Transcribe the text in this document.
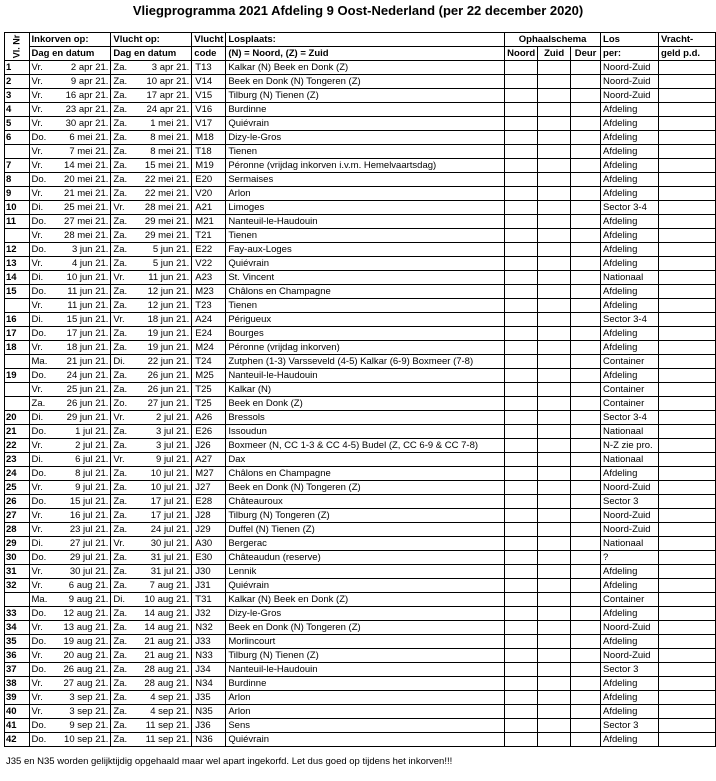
Vliegprogramma 2021 Afdeling 9 Oost-Nederland (per 22 december 2020)
Vl. Nr	Inkorven op:		Vlucht op:		Vlucht	Losplaats:	Ophaalschema			Los	Vracht-
	Dag en datum		Dag en datum		code	(N) = Noord, (Z) = Zuid	Noord	Zuid	Deur	per:	geld p.d.
1	Vr.	2 apr 21.	Za.	3 apr 21.	T13	Kalkar (N) Beek en Donk (Z)				Noord-Zuid	
2	Vr.	9 apr 21.	Za.	10 apr 21.	V14	Beek en Donk (N) Tongeren (Z)				Noord-Zuid	
3	Vr.	16 apr 21.	Za.	17 apr 21.	V15	Tilburg (N) Tienen (Z)				Noord-Zuid	
4	Vr.	23 apr 21.	Za.	24 apr 21.	V16	Burdinne				Afdeling	
5	Vr.	30 apr 21.	Za.	1 mei 21.	V17	Quiévrain				Afdeling	
6	Do.	6 mei 21.	Za.	8 mei 21.	M18	Dizy-le-Gros				Afdeling	
	Vr.	7 mei 21.	Za.	8 mei 21.	T18	Tienen				Afdeling	
7	Vr.	14 mei 21.	Za.	15 mei 21.	M19	Péronne (vrijdag inkorven i.v.m. Hemelvaartsdag)				Afdeling	
8	Do.	20 mei 21.	Za.	22 mei 21.	E20	Sermaises				Afdeling	
9	Vr.	21 mei 21.	Za.	22 mei 21.	V20	Arlon				Afdeling	
10	Di.	25 mei 21.	Vr.	28 mei 21.	A21	Limoges				Sector 3-4	
11	Do.	27 mei 21.	Za.	29 mei 21.	M21	Nanteuil-le-Haudouin				Afdeling	
	Vr.	28 mei 21.	Za.	29 mei 21.	T21	Tienen				Afdeling	
12	Do.	3 jun 21.	Za.	5 jun 21.	E22	Fay-aux-Loges				Afdeling	
13	Vr.	4 jun 21.	Za.	5 jun 21.	V22	Quiévrain				Afdeling	
14	Di.	10 jun 21.	Vr.	11 jun 21.	A23	St. Vincent				Nationaal	
15	Do.	11 jun 21.	Za.	12 jun 21.	M23	Châlons en Champagne				Afdeling	
	Vr.	11 jun 21.	Za.	12 jun 21.	T23	Tienen				Afdeling	
16	Di.	15 jun 21.	Vr.	18 jun 21.	A24	Périgueux				Sector 3-4	
17	Do.	17 jun 21.	Za.	19 jun 21.	E24	Bourges				Afdeling	
18	Vr.	18 jun 21.	Za.	19 jun 21.	M24	Péronne (vrijdag inkorven)				Afdeling	
	Ma.	21 jun 21.	Di.	22 jun 21.	T24	Zutphen (1-3) Varsseveld (4-5) Kalkar (6-9) Boxmeer (7-8)				Container	
19	Do.	24 jun 21.	Za.	26 jun 21.	M25	Nanteuil-le-Haudouin				Afdeling	
	Vr.	25 jun 21.	Za.	26 jun 21.	T25	Kalkar (N)				Container	
	Za.	26 jun 21.	Zo.	27 jun 21.	T25	Beek en Donk (Z)				Container	
20	Di.	29 jun 21.	Vr.	2 jul 21.	A26	Bressols				Sector 3-4	
21	Do.	1 jul 21.	Za.	3 jul 21.	E26	Issoudun				Nationaal	
22	Vr.	2 jul 21.	Za.	3 jul 21.	J26	Boxmeer (N, CC 1-3 & CC 4-5) Budel (Z, CC 6-9 & CC 7-8)				N-Z zie pro.	
23	Di.	6 jul 21.	Vr.	9 jul 21.	A27	Dax				Nationaal	
24	Do.	8 jul 21.	Za.	10 jul 21.	M27	Châlons en Champagne				Afdeling	
25	Vr.	9 jul 21.	Za.	10 jul 21.	J27	Beek en Donk (N) Tongeren (Z)				Noord-Zuid	
26	Do.	15 jul 21.	Za.	17 jul 21.	E28	Châteauroux				Sector 3	
27	Vr.	16 jul 21.	Za.	17 jul 21.	J28	Tilburg (N) Tongeren (Z)				Noord-Zuid	
28	Vr.	23 jul 21.	Za.	24 jul 21.	J29	Duffel (N) Tienen (Z)				Noord-Zuid	
29	Di.	27 jul 21.	Vr.	30 jul 21.	A30	Bergerac				Nationaal	
30	Do.	29 jul 21.	Za.	31 jul 21.	E30	Châteaudun (reserve)				?	
31	Vr.	30 jul 21.	Za.	31 jul 21.	J30	Lennik				Afdeling	
32	Vr.	6 aug 21.	Za.	7 aug 21.	J31	Quiévrain				Afdeling	
	Ma.	9 aug 21.	Di.	10 aug 21.	T31	Kalkar (N) Beek en Donk (Z)				Container	
33	Do.	12 aug 21.	Za.	14 aug 21.	J32	Dizy-le-Gros				Afdeling	
34	Vr.	13 aug 21.	Za.	14 aug 21.	N32	Beek en Donk (N) Tongeren (Z)				Noord-Zuid	
35	Do.	19 aug 21.	Za.	21 aug 21.	J33	Morlincourt				Afdeling	
36	Vr.	20 aug 21.	Za.	21 aug 21.	N33	Tilburg (N) Tienen (Z)				Noord-Zuid	
37	Do.	26 aug 21.	Za.	28 aug 21.	J34	Nanteuil-le-Haudouin				Sector 3	
38	Vr.	27 aug 21.	Za.	28 aug 21.	N34	Burdinne				Afdeling	
39	Vr.	3 sep 21.	Za.	4 sep 21.	J35	Arlon				Afdeling	
40	Vr.	3 sep 21.	Za.	4 sep 21.	N35	Arlon				Afdeling	
41	Do.	9 sep 21.	Za.	11 sep 21.	J36	Sens				Sector 3	
42	Do.	10 sep 21.	Za.	11 sep 21.	N36	Quiévrain				Afdeling	
J35 en N35 worden gelijktijdig opgehaald maar wel apart ingekorfd. Let dus goed op tijdens het inkorven!!!
